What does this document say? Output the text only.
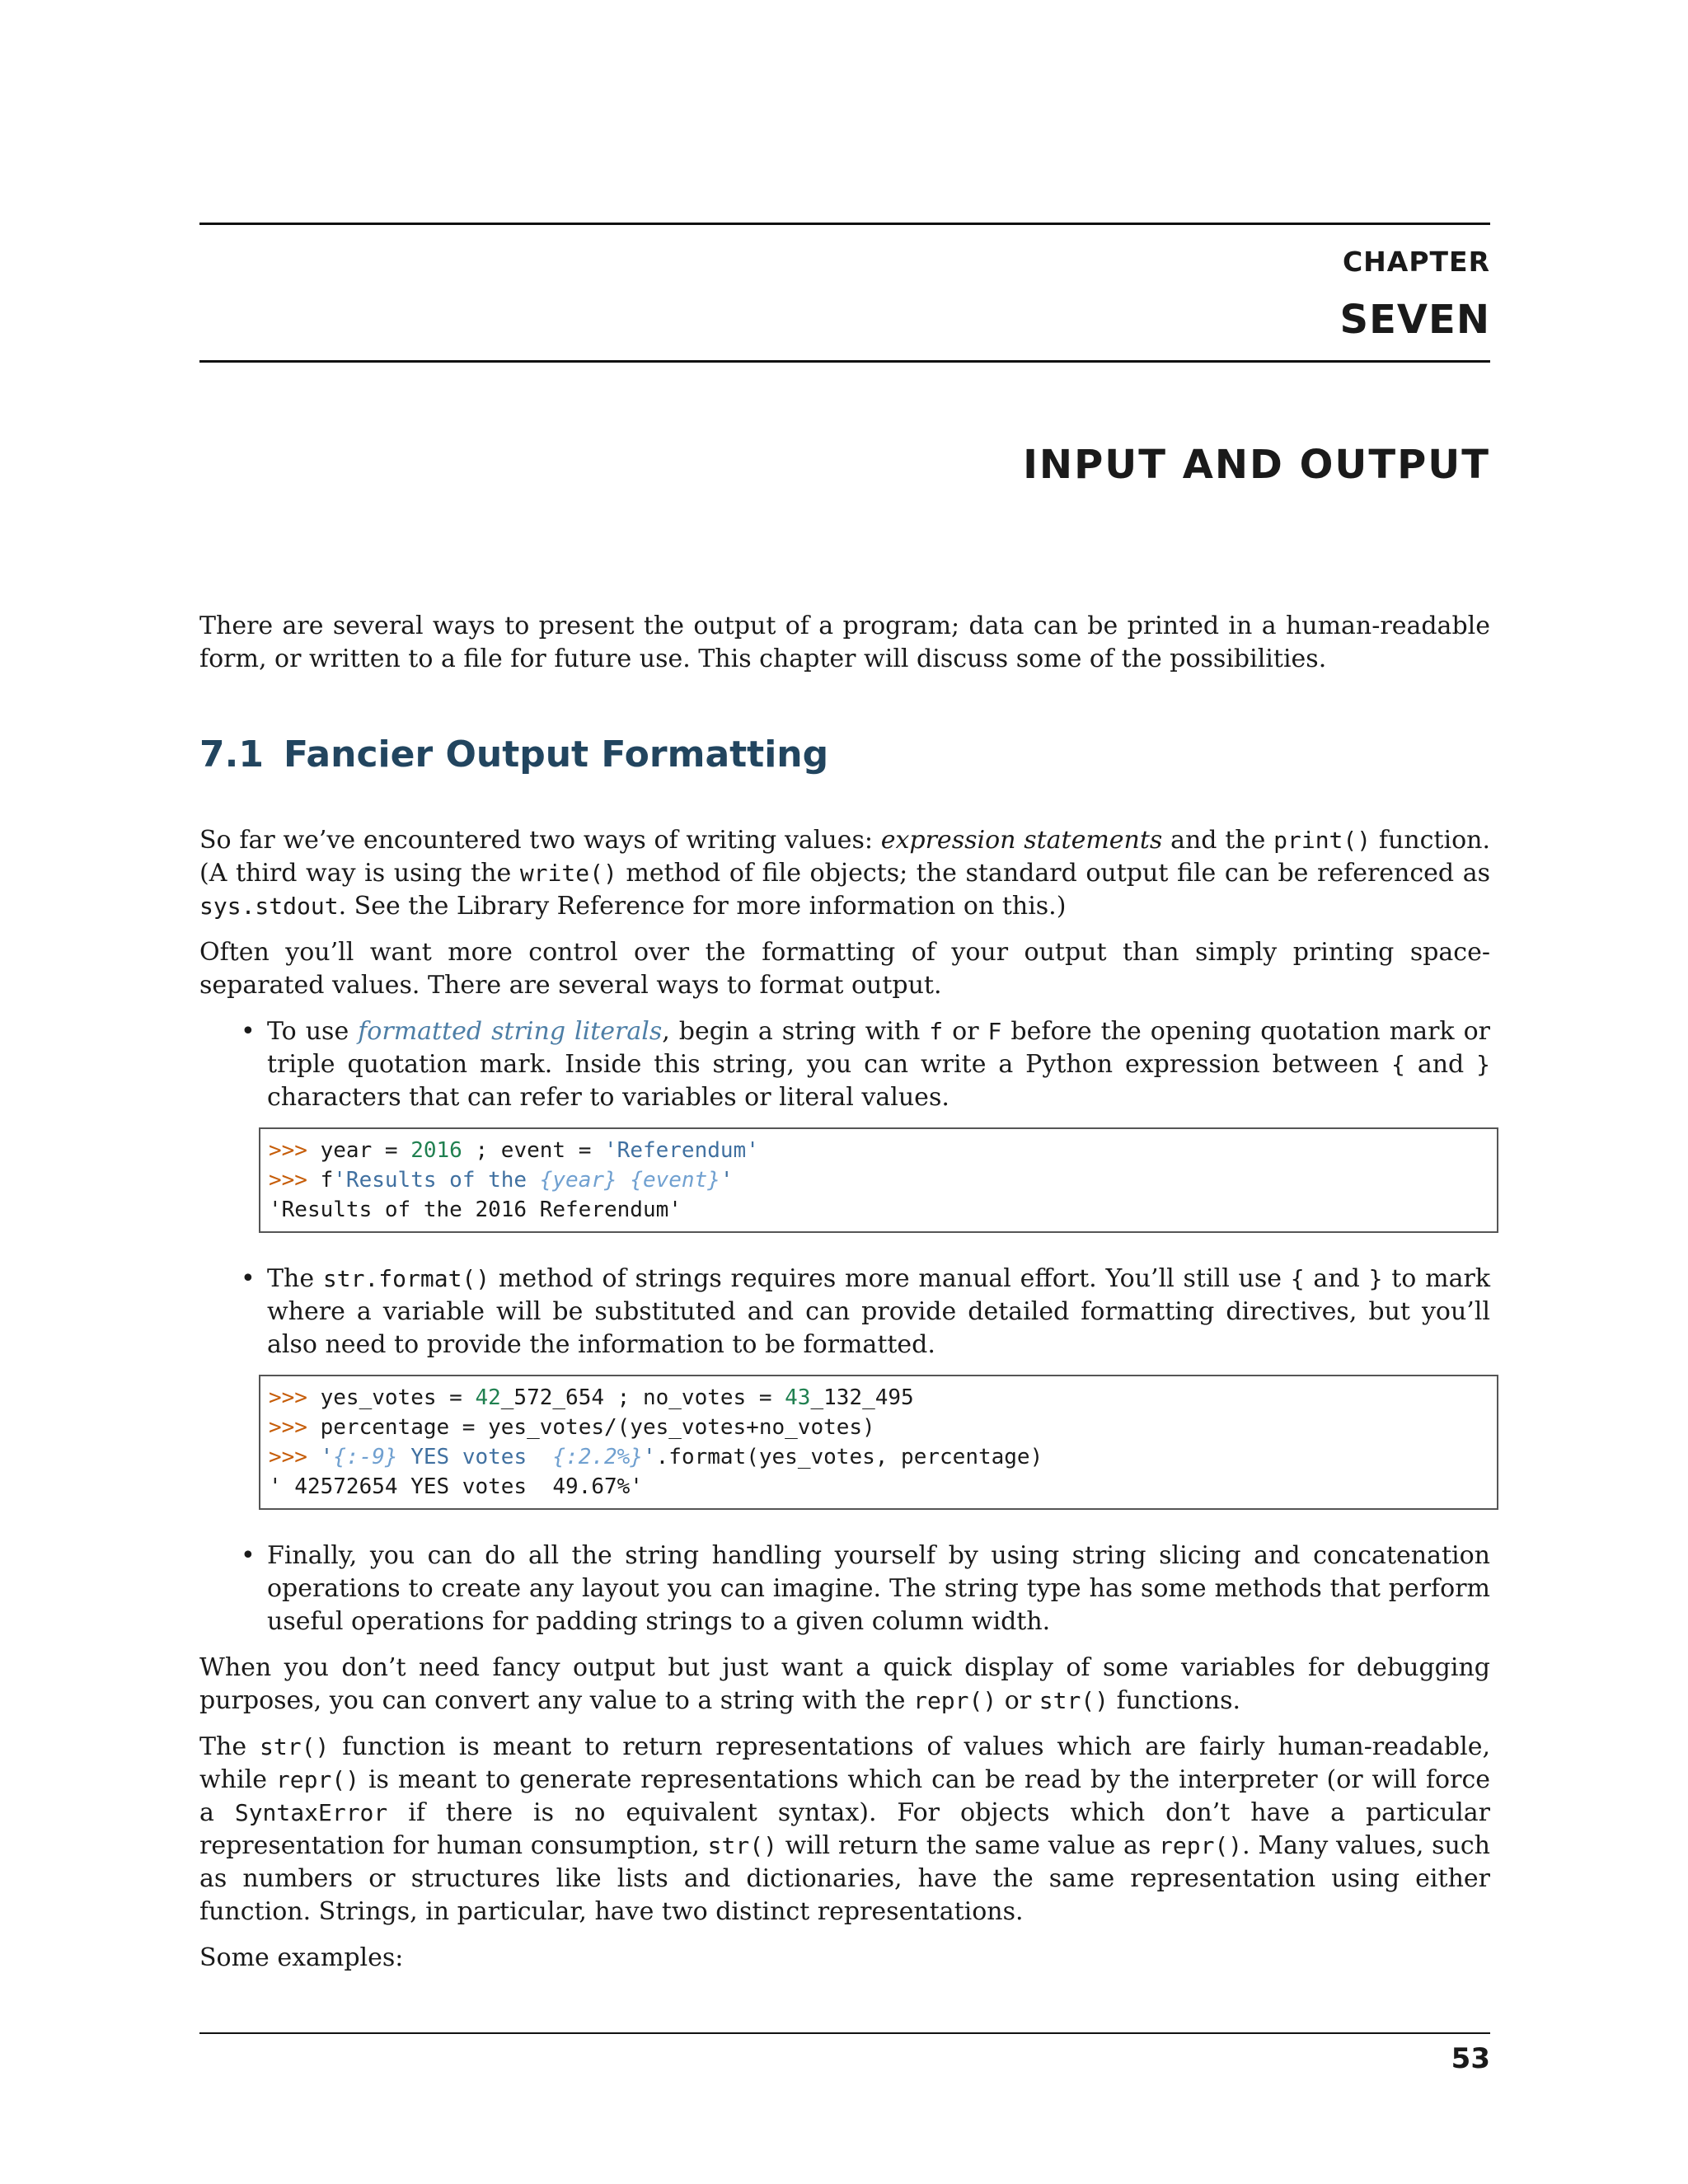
CHAPTER
SEVEN
INPUT AND OUTPUT

There are several ways to present the output of a program; data can be printed in a human-readable form, or written to a file for future use. This chapter will discuss some of the possibilities.

7.1 Fancier Output Formatting

So far we’ve encountered two ways of writing values: expression statements and the print() function. (A third way is using the write() method of file objects; the standard output file can be referenced as sys.stdout. See the Library Reference for more information on this.)

Often you’ll want more control over the formatting of your output than simply printing space-separated values. There are several ways to format output.

• To use formatted string literals, begin a string with f or F before the opening quotation mark or triple quotation mark. Inside this string, you can write a Python expression between { and } characters that can refer to variables or literal values.

>>> year = 2016 ; event = 'Referendum'
>>> f'Results of the {year} {event}'
'Results of the 2016 Referendum'
• The str.format() method of strings requires more manual effort. You’ll still use { and } to mark where a variable will be substituted and can provide detailed formatting directives, but you’ll also need to provide the information to be formatted.

>>> yes_votes = 42_572_654 ; no_votes = 43_132_495
>>> percentage = yes_votes/(yes_votes+no_votes)
>>> '{:-9} YES votes  {:2.2%}'.format(yes_votes, percentage)
' 42572654 YES votes  49.67%'
• Finally, you can do all the string handling yourself by using string slicing and concatenation operations to create any layout you can imagine. The string type has some methods that perform useful operations for padding strings to a given column width.

When you don’t need fancy output but just want a quick display of some variables for debugging purposes, you can convert any value to a string with the repr() or str() functions.

The str() function is meant to return representations of values which are fairly human-readable, while repr() is meant to generate representations which can be read by the interpreter (or will force a SyntaxError if there is no equivalent syntax). For objects which don’t have a particular representation for human consumption, str() will return the same value as repr(). Many values, such as numbers or structures like lists and dictionaries, have the same representation using either function. Strings, in particular, have two distinct representations.

Some examples:

53
